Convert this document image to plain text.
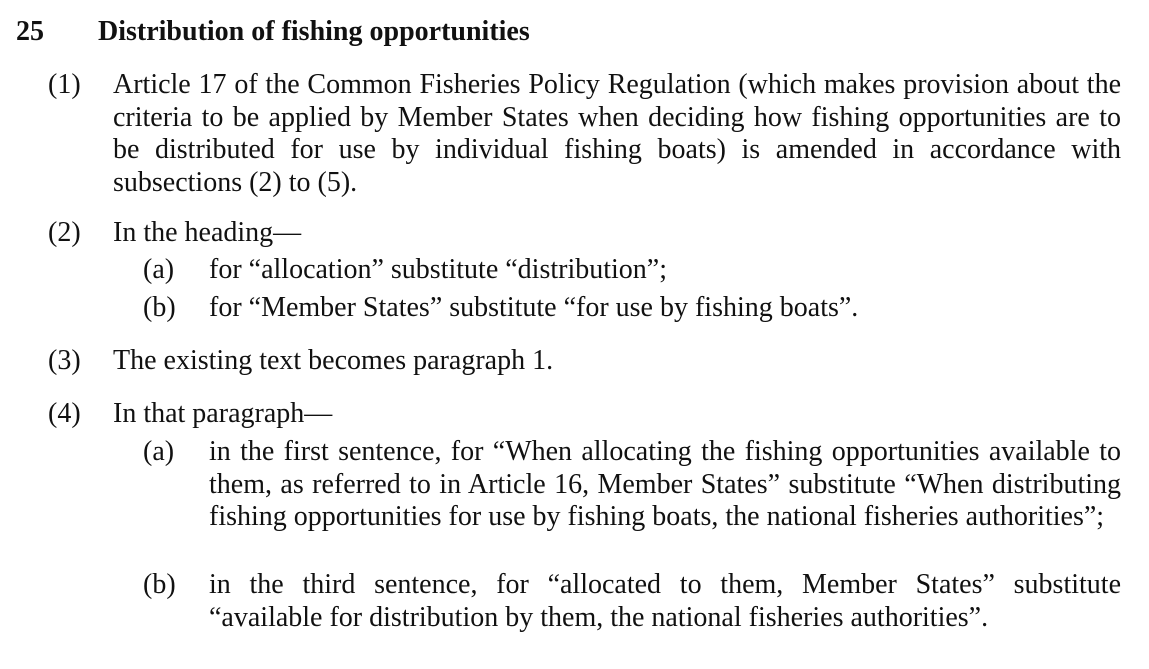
25 Distribution of fishing opportunities
(1) Article 17 of the Common Fisheries Policy Regulation (which makes provision about the criteria to be applied by Member States when deciding how fishing opportunities are to be distributed for use by individual fishing boats) is amended in accordance with subsections (2) to (5).
(2) In the heading—
(a) for “allocation” substitute “distribution”;
(b) for “Member States” substitute “for use by fishing boats”.
(3) The existing text becomes paragraph 1.
(4) In that paragraph—
(a) in the first sentence, for “When allocating the fishing opportunities available to them, as referred to in Article 16, Member States” substitute “When distributing fishing opportunities for use by fishing boats, the national fisheries authorities”;
(b) in the third sentence, for “allocated to them, Member States” substitute “available for distribution by them, the national fisheries authorities”.
